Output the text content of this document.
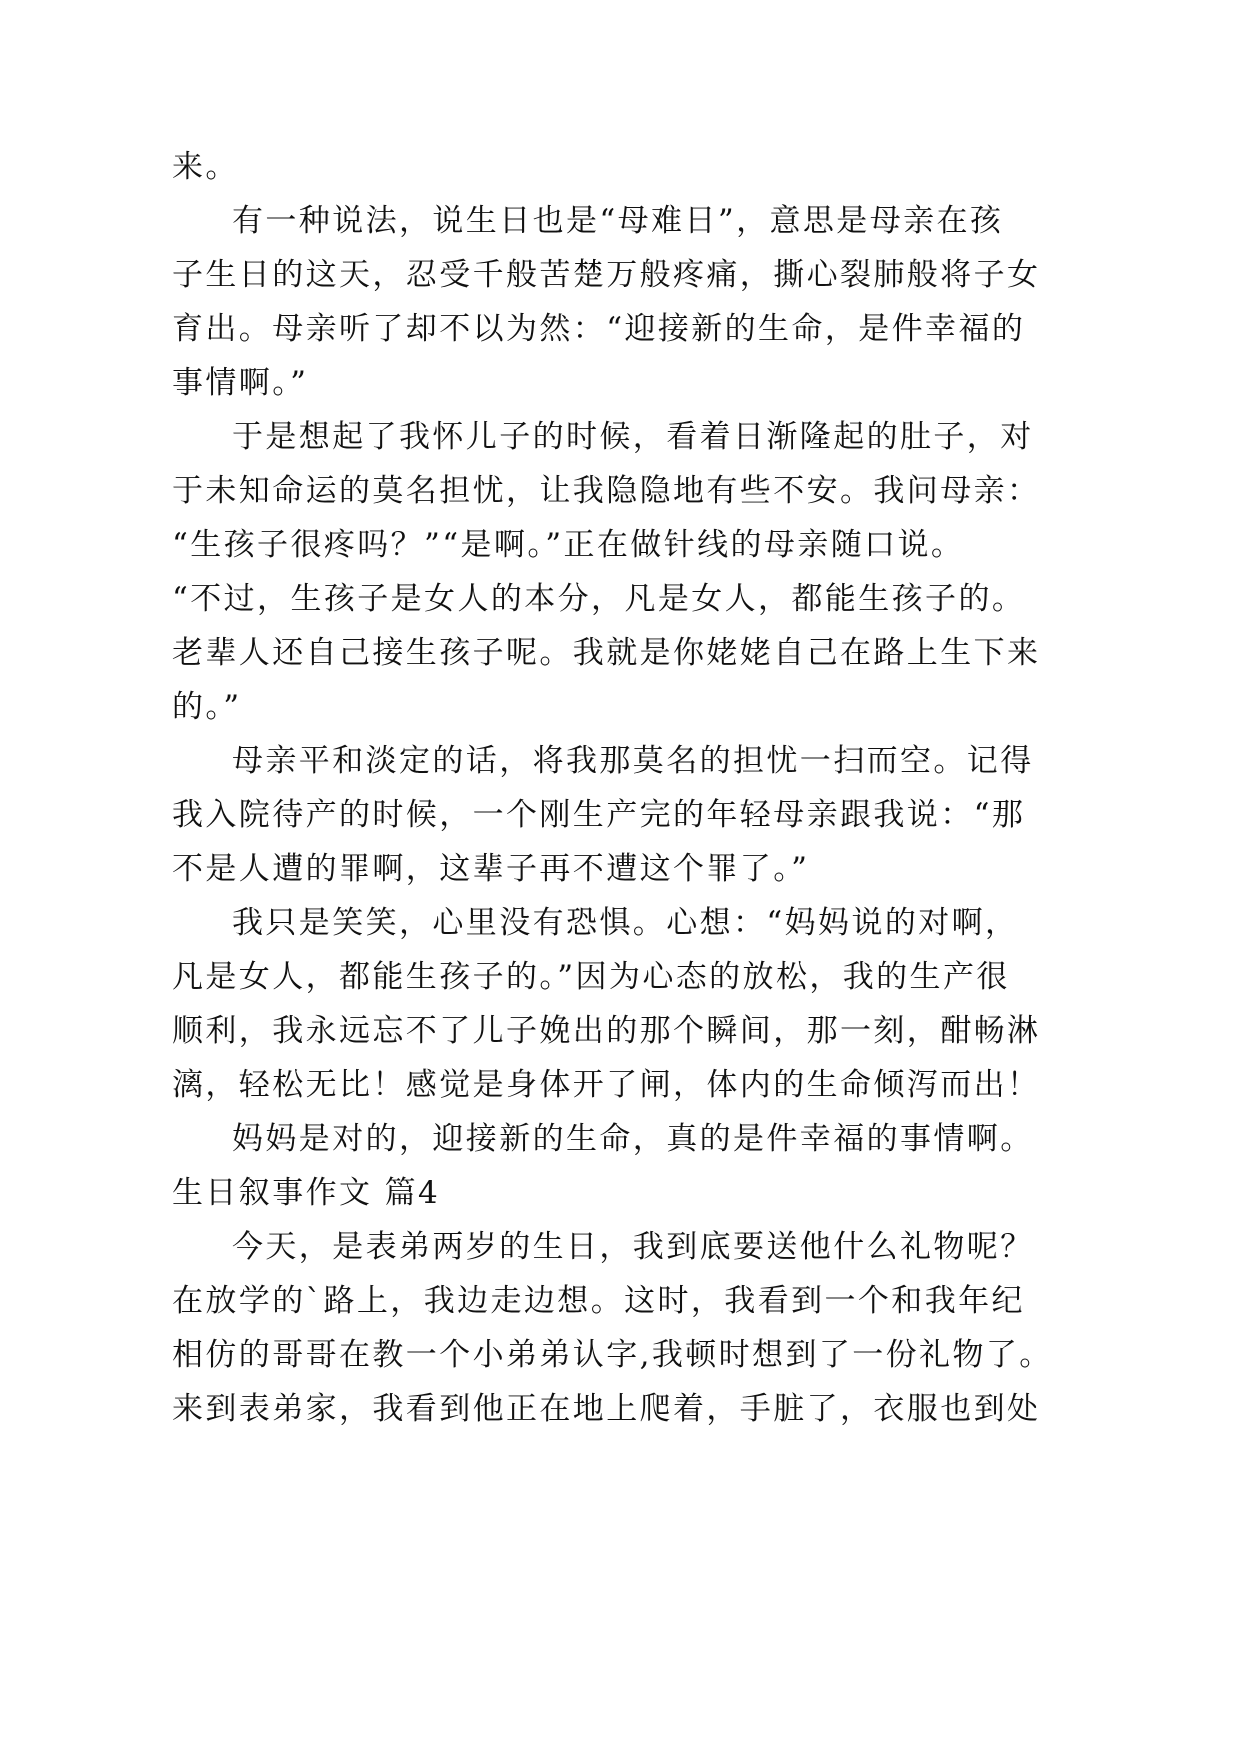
来。
有一种说法，说生日也是“母难日”，意思是母亲在孩
子生日的这天，忍受千般苦楚万般疼痛，撕心裂肺般将子女
育出。母亲听了却不以为然：“迎接新的生命，是件幸福的
事情啊。”
于是想起了我怀儿子的时候，看着日渐隆起的肚子，对
于未知命运的莫名担忧，让我隐隐地有些不安。我问母亲：
“生孩子很疼吗？”“是啊。”正在做针线的母亲随口说。
“不过，生孩子是女人的本分，凡是女人，都能生孩子的。
老辈人还自己接生孩子呢。我就是你姥姥自己在路上生下来
的。”
母亲平和淡定的话，将我那莫名的担忧一扫而空。记得
我入院待产的时候，一个刚生产完的年轻母亲跟我说：“那
不是人遭的罪啊，这辈子再不遭这个罪了。”
我只是笑笑，心里没有恐惧。心想：“妈妈说的对啊，
凡是女人，都能生孩子的。”因为心态的放松，我的生产很
顺利，我永远忘不了儿子娩出的那个瞬间，那一刻，酣畅淋
漓，轻松无比！感觉是身体开了闸，体内的生命倾泻而出！
妈妈是对的，迎接新的生命，真的是件幸福的事情啊。
生日叙事作文 篇4
今天，是表弟两岁的生日，我到底要送他什么礼物呢？
在放学的`路上，我边走边想。这时，我看到一个和我年纪
相仿的哥哥在教一个小弟弟认字,我顿时想到了一份礼物了。
来到表弟家，我看到他正在地上爬着，手脏了，衣服也到处
